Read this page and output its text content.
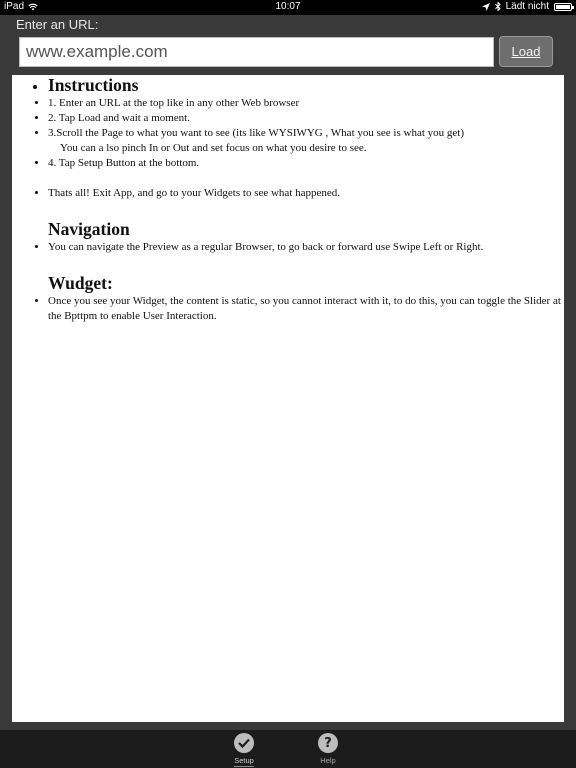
iPad	10:07	Lädt nicht
Enter an URL:
www.example.com
Load
• Instructions
• 1. Enter an URL at the top like in any other Web browser
• 2. Tap Load and wait a moment.
• 3.Scroll the Page to what you want to see (its like WYSIWYG , What you see is what you get)
You can a lso pinch In or Out and set focus on what you desire to see.
• 4. Tap Setup Button at the bottom.
• Thats all! Exit App, and go to your Widgets to see what happened.
Navigation
• You can navigate the Preview as a regular Browser, to go back or forward use Swipe Left or Right.
Wudget:
• Once you see your Widget, the content is static, so you cannot interact with it, to do this, you can toggle the Slider at the Bpttpm to enable User Interaction.
Setup
?
Help
